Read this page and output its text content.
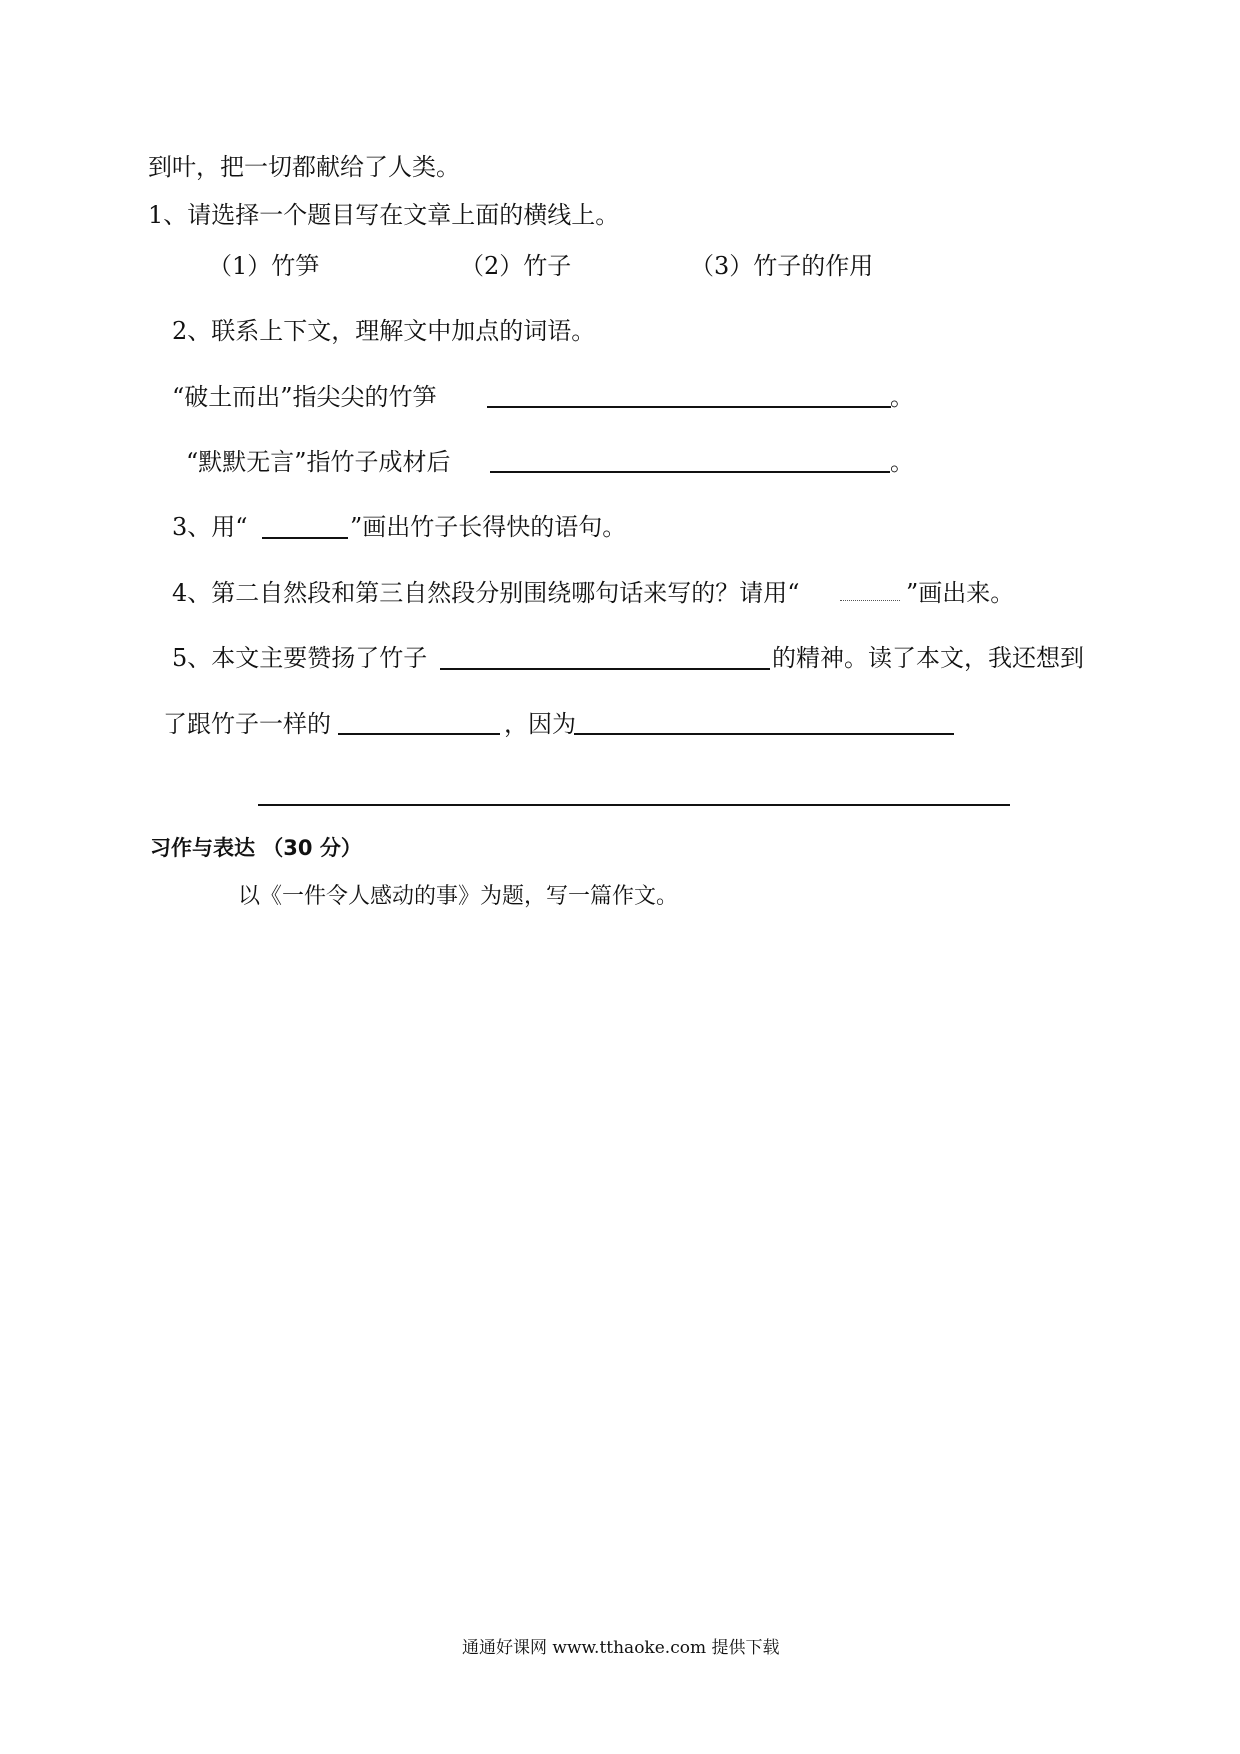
到叶，把一切都献给了人类。
1、请选择一个题目写在文章上面的横线上。
（1）竹笋	（2）竹子	（3）竹子的作用
2、联系上下文，理解文中加点的词语。
“破土而出”指尖尖的竹笋	。
“默默无言”指竹子成材后	。
3、用“	”画出竹子长得快的语句。
4、第二自然段和第三自然段分别围绕哪句话来写的？请用“	”画出来。
5、本文主要赞扬了竹子	的精神。读了本文，我还想到
了跟竹子一样的	，因为
习作与表达 （30 分）
以《一件令人感动的事》为题，写一篇作文。
通通好课网 www.tthaoke.com 提供下载
